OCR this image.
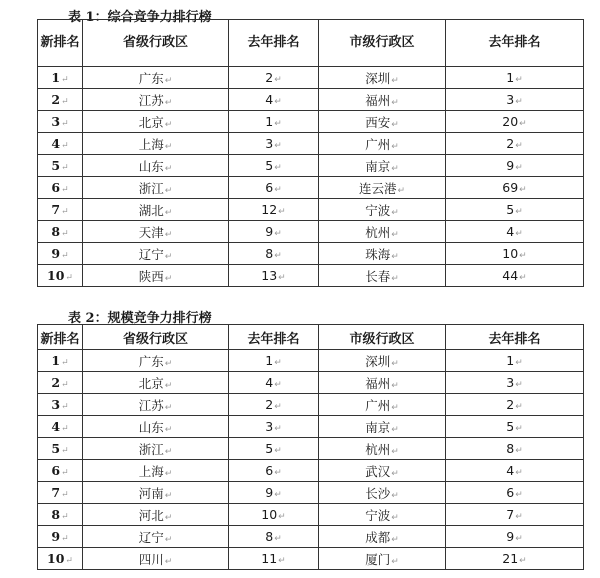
表 1：综合竞争力排行榜
新排名	省级行政区	去年排名	市级行政区	去年排名
1↵	广东↵	2↵	深圳↵	1↵
2↵	江苏↵	4↵	福州↵	3↵
3↵	北京↵	1↵	西安↵	20↵
4↵	上海↵	3↵	广州↵	2↵
5↵	山东↵	5↵	南京↵	9↵
6↵	浙江↵	6↵	连云港↵	69↵
7↵	湖北↵	12↵	宁波↵	5↵
8↵	天津↵	9↵	杭州↵	4↵
9↵	辽宁↵	8↵	珠海↵	10↵
10↵	陕西↵	13↵	长春↵	44↵
表 2：规模竞争力排行榜
新排名	省级行政区	去年排名	市级行政区	去年排名
1↵	广东↵	1↵	深圳↵	1↵
2↵	北京↵	4↵	福州↵	3↵
3↵	江苏↵	2↵	广州↵	2↵
4↵	山东↵	3↵	南京↵	5↵
5↵	浙江↵	5↵	杭州↵	8↵
6↵	上海↵	6↵	武汉↵	4↵
7↵	河南↵	9↵	长沙↵	6↵
8↵	河北↵	10↵	宁波↵	7↵
9↵	辽宁↵	8↵	成都↵	9↵
10↵	四川↵	11↵	厦门↵	21↵
